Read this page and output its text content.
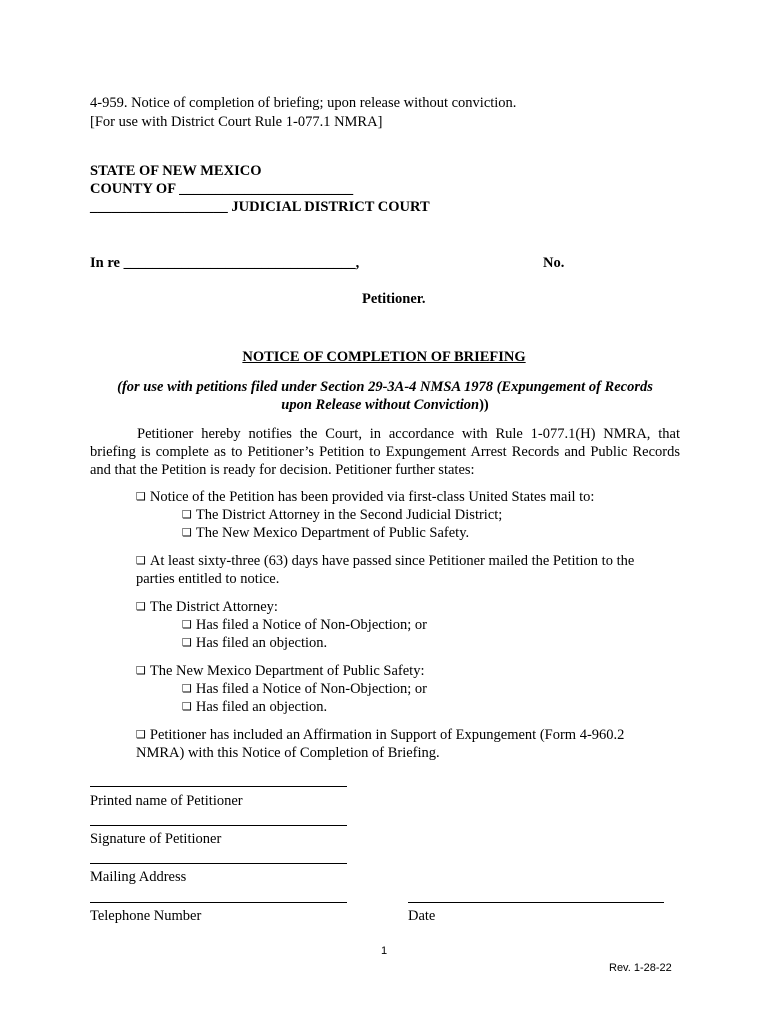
4-959. Notice of completion of briefing; upon release without conviction.
[For use with District Court Rule 1-077.1 NMRA]
STATE OF NEW MEXICO
COUNTY OF ________________________
___________________ JUDICIAL DISTRICT COURT
In re ________________________________,	No.
Petitioner.
NOTICE OF COMPLETION OF BRIEFING
(for use with petitions filed under Section 29-3A-4 NMSA 1978 (Expungement of Records
upon Release without Conviction))
Petitioner hereby notifies the Court, in accordance with Rule 1-077.1(H) NMRA, that briefing is complete as to Petitioner’s Petition to Expungement Arrest Records and Public Records and that the Petition is ready for decision. Petitioner further states:
❑ Notice of the Petition has been provided via first-class United States mail to:
❑ The District Attorney in the Second Judicial District;
❑ The New Mexico Department of Public Safety.
❑ At least sixty-three (63) days have passed since Petitioner mailed the Petition to the
parties entitled to notice.
❑ The District Attorney:
❑ Has filed a Notice of Non-Objection; or
❑ Has filed an objection.
❑ The New Mexico Department of Public Safety:
❑ Has filed a Notice of Non-Objection; or
❑ Has filed an objection.
❑ Petitioner has included an Affirmation in Support of Expungement (Form 4-960.2
NMRA) with this Notice of Completion of Briefing.
Printed name of Petitioner
Signature of Petitioner
Mailing Address
Telephone Number	Date
1
Rev. 1-28-22
